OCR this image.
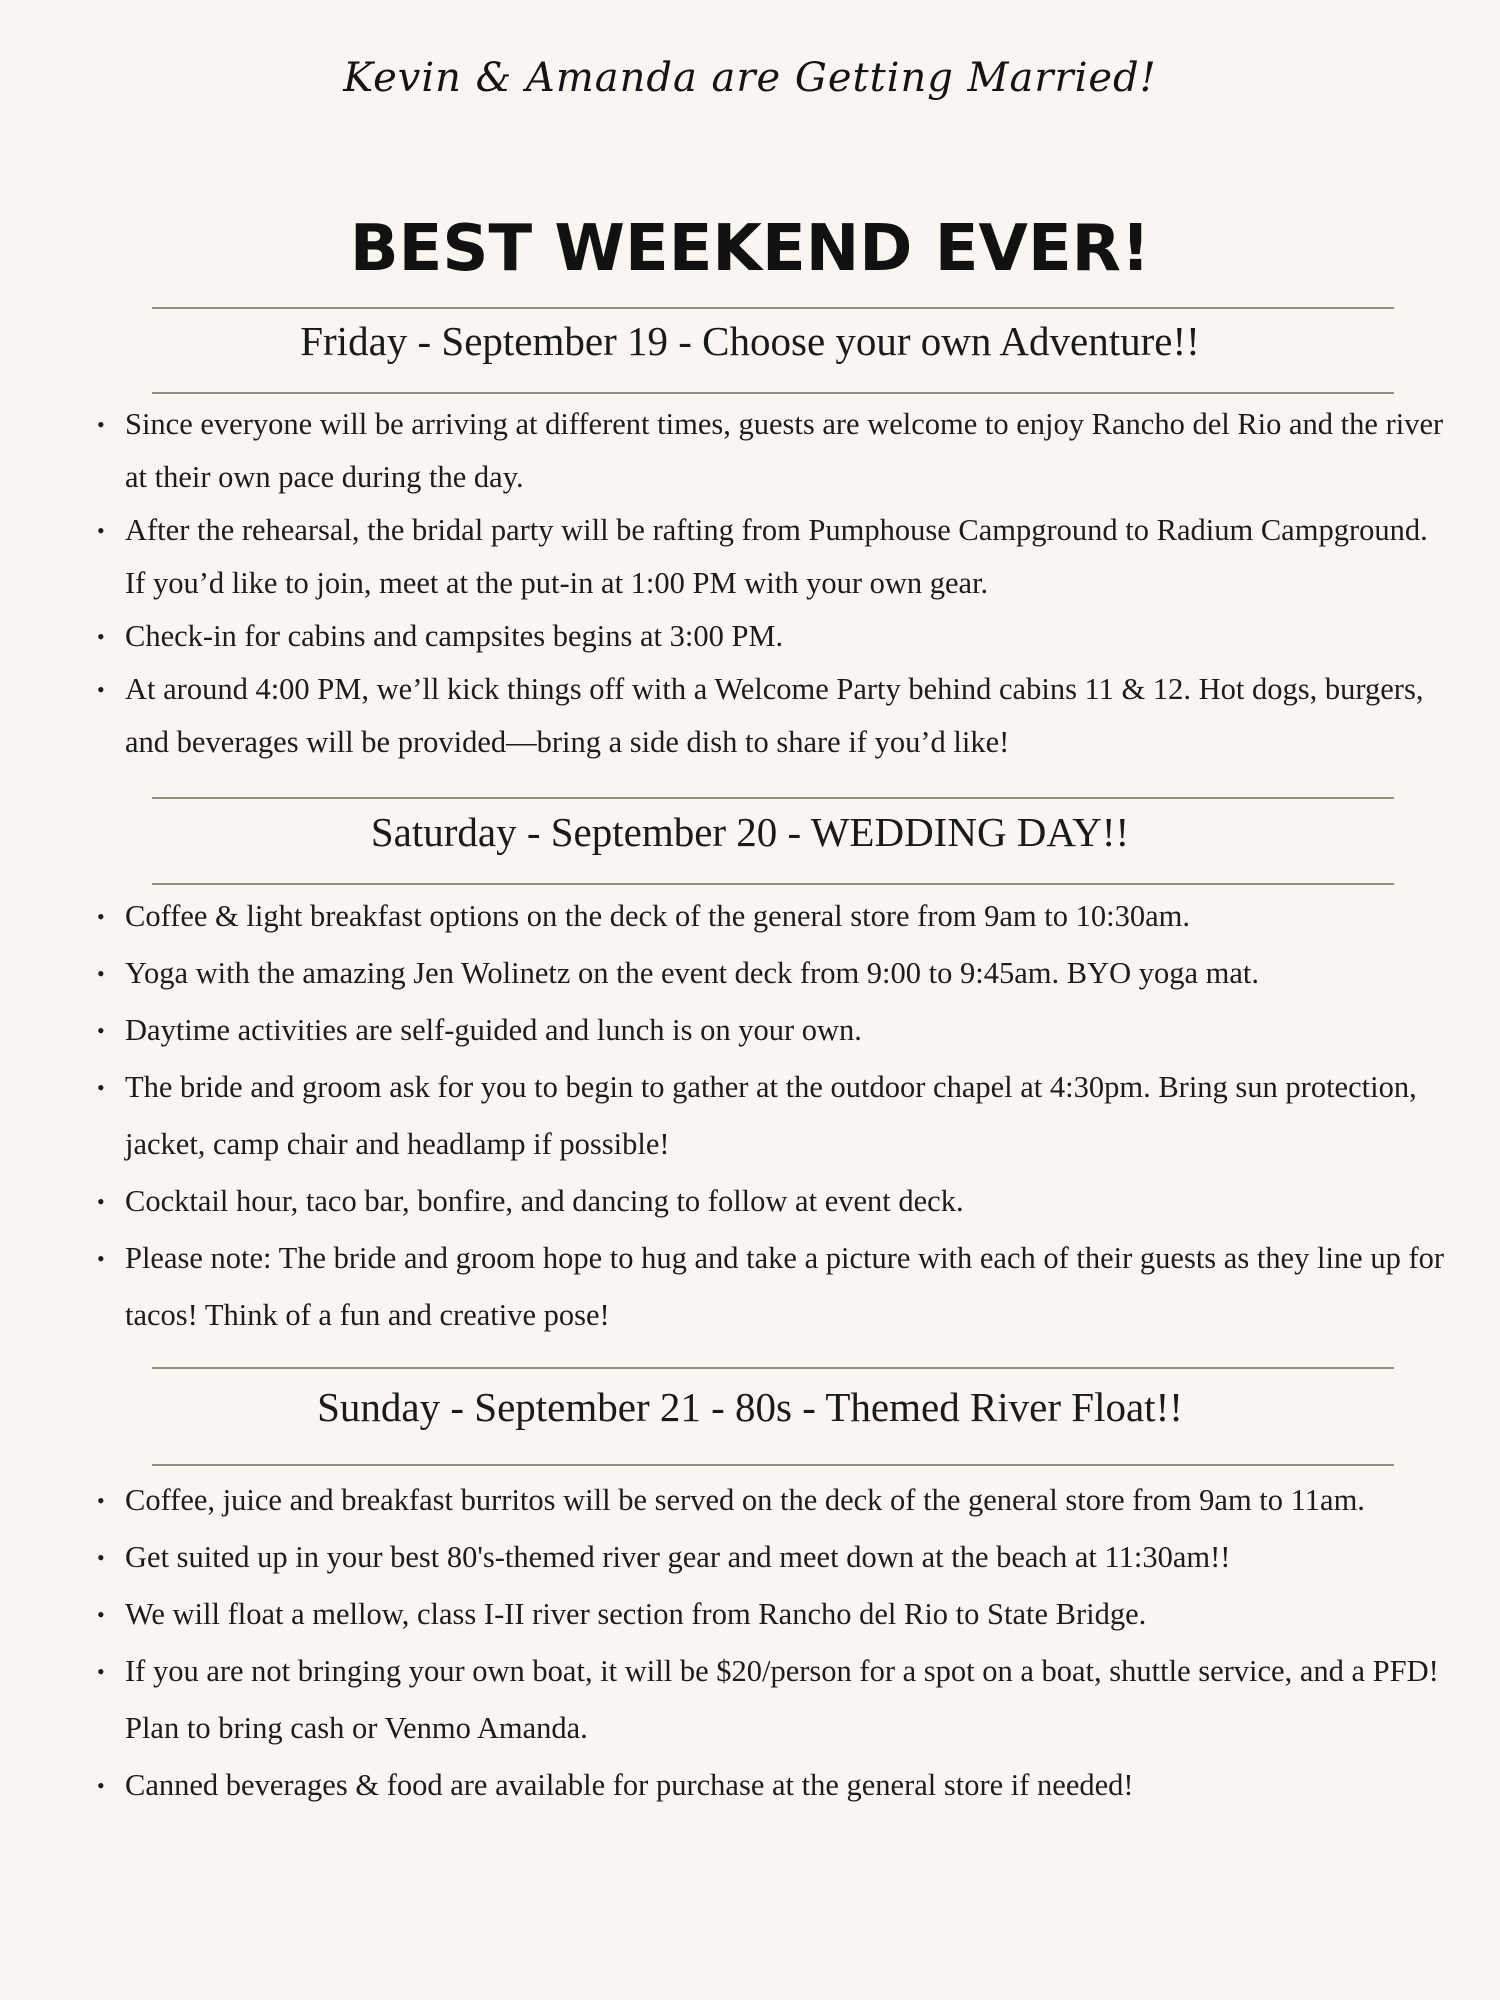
Kevin & Amanda are Getting Married!
BEST WEEKEND EVER!
Friday - September 19 - Choose your own Adventure!!
• Since everyone will be arriving at different times, guests are welcome to enjoy Rancho del Rio and the river at their own pace during the day.
• After the rehearsal, the bridal party will be rafting from Pumphouse Campground to Radium Campground. If you’d like to join, meet at the put-in at 1:00 PM with your own gear.
• Check-in for cabins and campsites begins at 3:00 PM.
• At around 4:00 PM, we’ll kick things off with a Welcome Party behind cabins 11 & 12. Hot dogs, burgers, and beverages will be provided—bring a side dish to share if you’d like!
Saturday - September 20 - WEDDING DAY!!
• Coffee & light breakfast options on the deck of the general store from 9am to 10:30am.
• Yoga with the amazing Jen Wolinetz on the event deck from 9:00 to 9:45am. BYO yoga mat.
• Daytime activities are self-guided and lunch is on your own.
• The bride and groom ask for you to begin to gather at the outdoor chapel at 4:30pm. Bring sun protection, jacket, camp chair and headlamp if possible!
• Cocktail hour, taco bar, bonfire, and dancing to follow at event deck.
• Please note: The bride and groom hope to hug and take a picture with each of their guests as they line up for tacos! Think of a fun and creative pose!
Sunday - September 21 - 80s - Themed River Float!!
• Coffee, juice and breakfast burritos will be served on the deck of the general store from 9am to 11am.
• Get suited up in your best 80's-themed river gear and meet down at the beach at 11:30am!!
• We will float a mellow, class I-II river section from Rancho del Rio to State Bridge.
• If you are not bringing your own boat, it will be $20/person for a spot on a boat, shuttle service, and a PFD! Plan to bring cash or Venmo Amanda.
• Canned beverages & food are available for purchase at the general store if needed!
